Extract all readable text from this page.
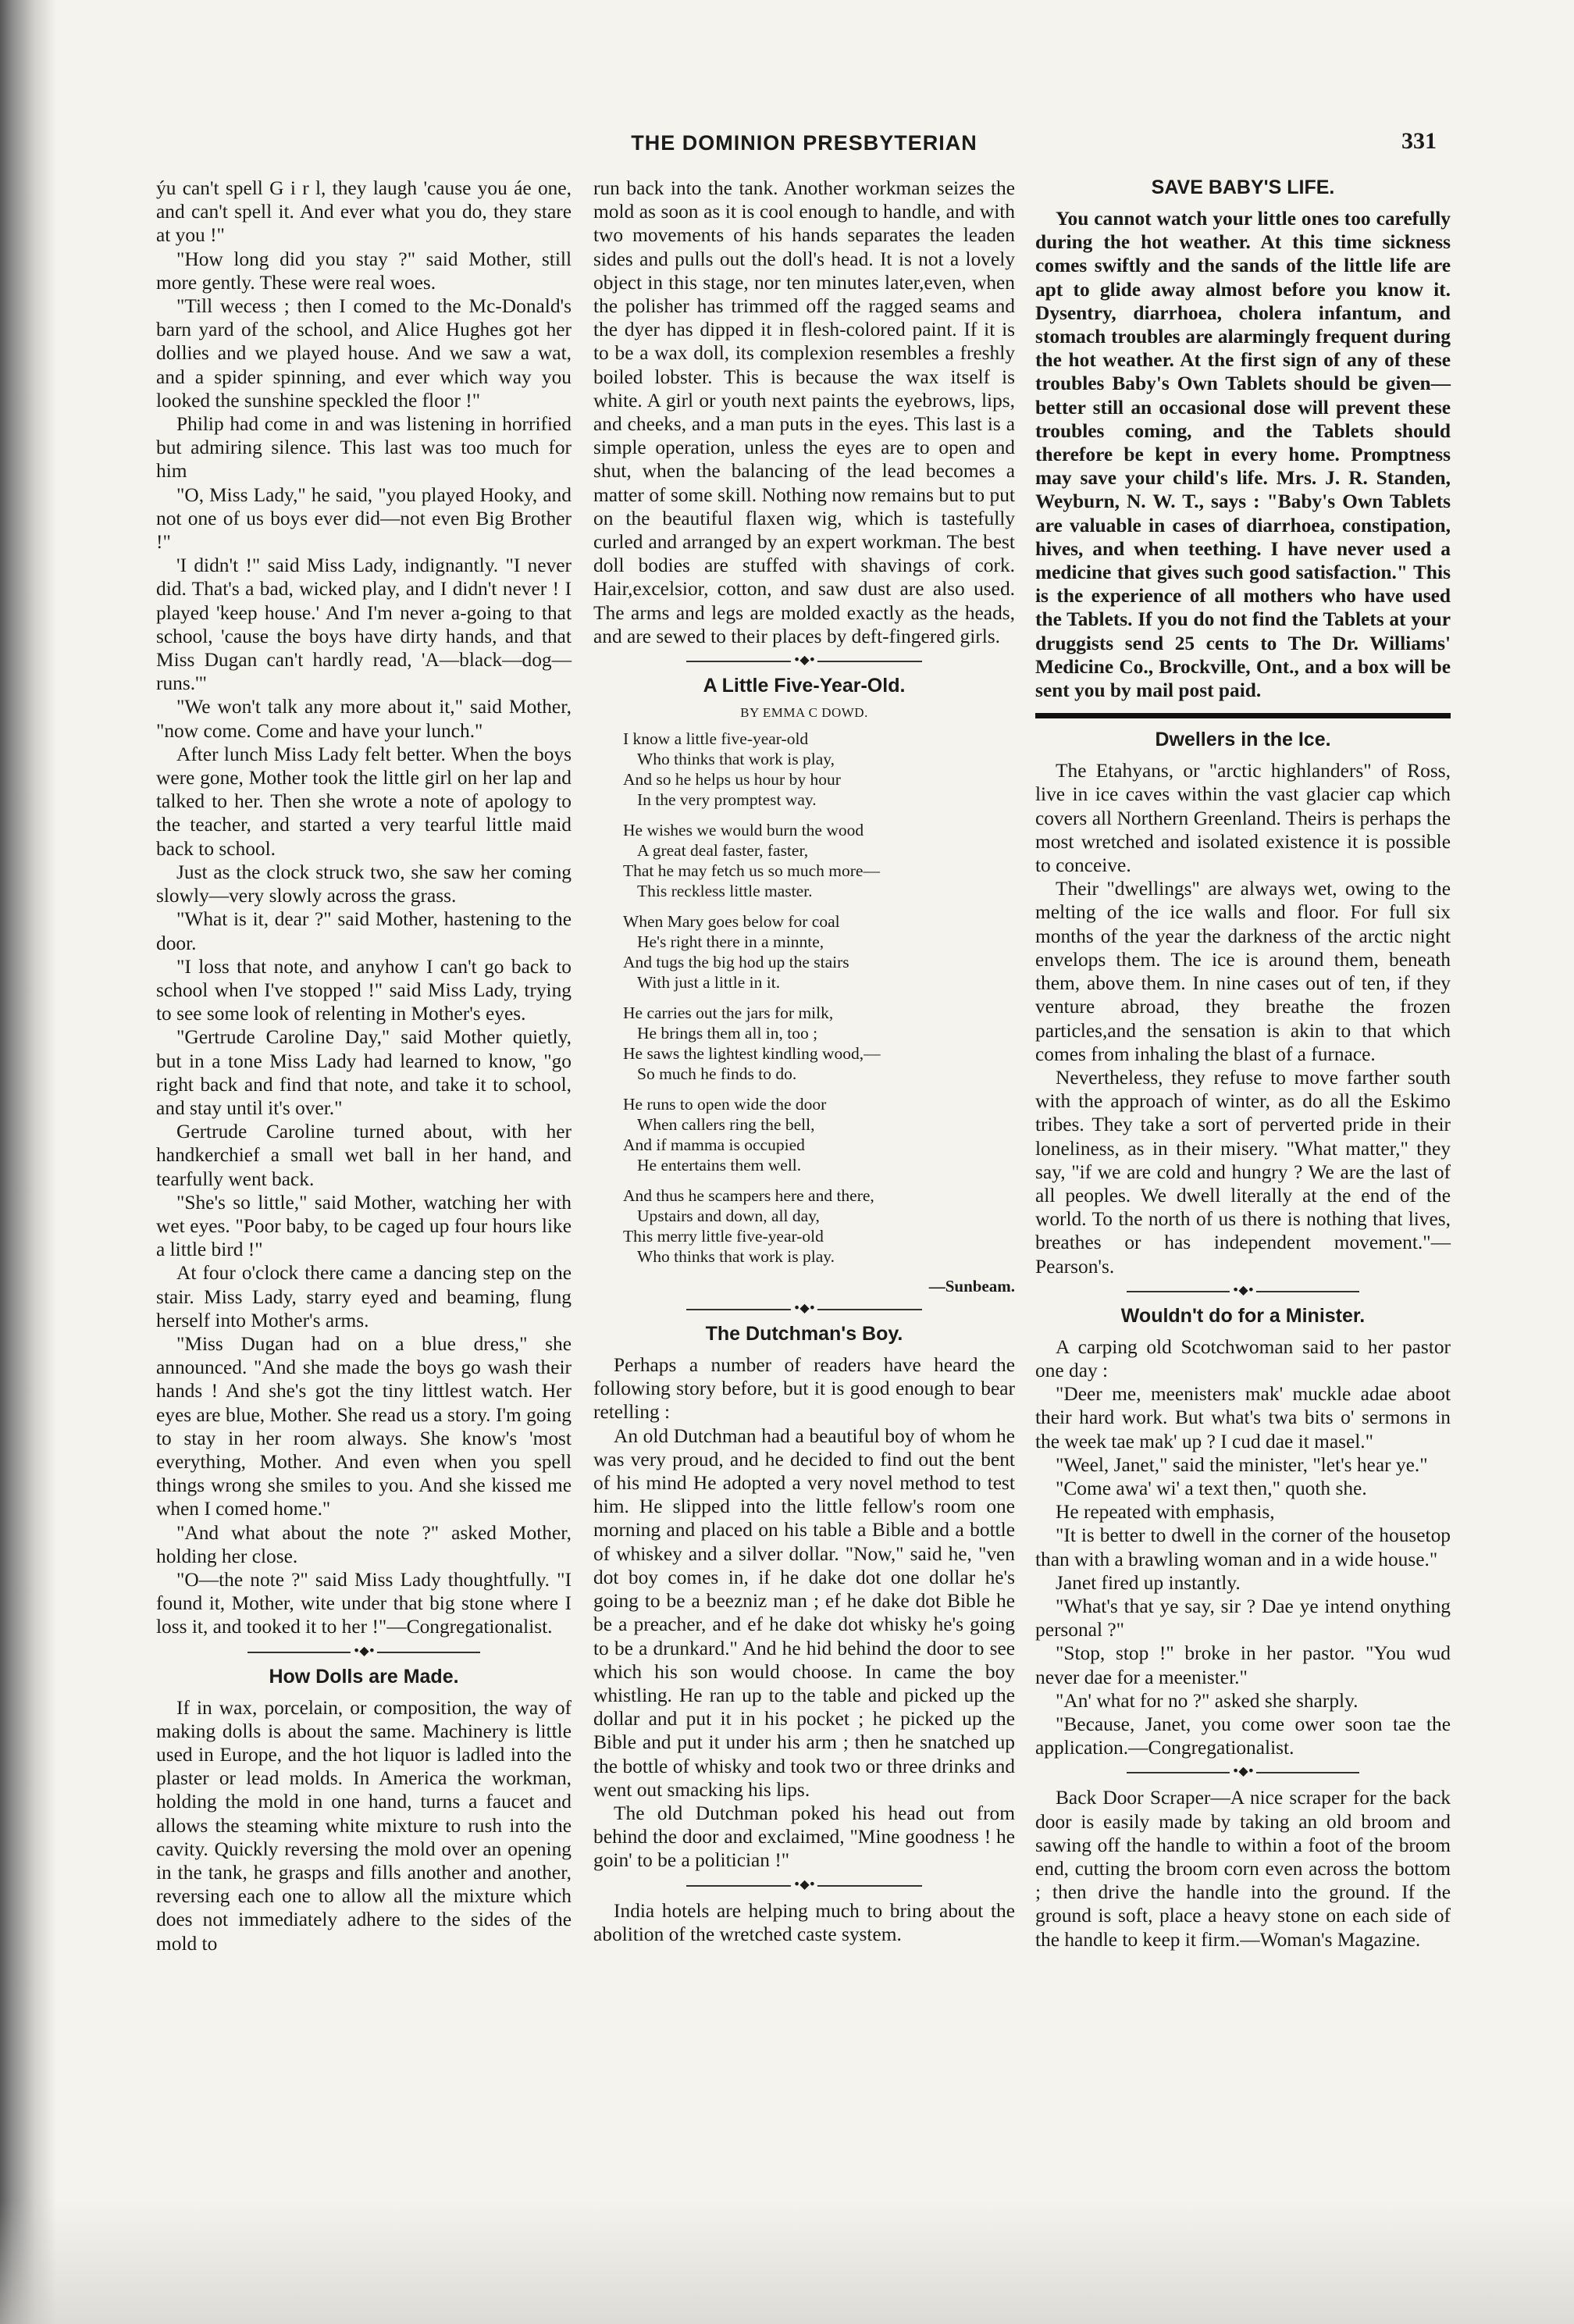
THE DOMINION PRESBYTERIAN	331

ýu can't spell G i r l, they laugh 'cause you áe one, and can't spell it. And ever what you do, they stare at you !"

"How long did you stay ?" said Mother, still more gently. These were real woes.

"Till wecess ; then I comed to the Mc-Donald's barn yard of the school, and Alice Hughes got her dollies and we played house. And we saw a wat, and a spider spinning, and ever which way you looked the sunshine speckled the floor !"

Philip had come in and was listening in horrified but admiring silence. This last was too much for him

"O, Miss Lady," he said, "you played Hooky, and not one of us boys ever did—not even Big Brother !"

'I didn't !" said Miss Lady, indignantly. "I never did. That's a bad, wicked play, and I didn't never ! I played 'keep house.' And I'm never a-going to that school, 'cause the boys have dirty hands, and that Miss Dugan can't hardly read, 'A—black—dog—runs.'"

"We won't talk any more about it," said Mother, "now come. Come and have your lunch."

After lunch Miss Lady felt better. When the boys were gone, Mother took the little girl on her lap and talked to her. Then she wrote a note of apology to the teacher, and started a very tearful little maid back to school.

Just as the clock struck two, she saw her coming slowly—very slowly across the grass.

"What is it, dear ?" said Mother, hastening to the door.

"I loss that note, and anyhow I can't go back to school when I've stopped !" said Miss Lady, trying to see some look of relenting in Mother's eyes.

"Gertrude Caroline Day," said Mother quietly, but in a tone Miss Lady had learned to know, "go right back and find that note, and take it to school, and stay until it's over."

Gertrude Caroline turned about, with her handkerchief a small wet ball in her hand, and tearfully went back.

"She's so little," said Mother, watching her with wet eyes. "Poor baby, to be caged up four hours like a little bird !"

At four o'clock there came a dancing step on the stair. Miss Lady, starry eyed and beaming, flung herself into Mother's arms.

"Miss Dugan had on a blue dress," she announced. "And she made the boys go wash their hands ! And she's got the tiny littlest watch. Her eyes are blue, Mother. She read us a story. I'm going to stay in her room always. She know's 'most everything, Mother. And even when you spell things wrong she smiles to you. And she kissed me when I comed home."

"And what about the note ?" asked Mother, holding her close.

"O—the note ?" said Miss Lady thoughtfully. "I found it, Mother, wite under that big stone where I loss it, and tooked it to her !"—Congregationalist.

•◆•
How Dolls are Made.

If in wax, porcelain, or composition, the way of making dolls is about the same. Machinery is little used in Europe, and the hot liquor is ladled into the plaster or lead molds. In America the workman, holding the mold in one hand, turns a faucet and allows the steaming white mixture to rush into the cavity. Quickly reversing the mold over an opening in the tank, he grasps and fills another and another, reversing each one to allow all the mixture which does not immediately adhere to the sides of the mold to

run back into the tank. Another workman seizes the mold as soon as it is cool enough to handle, and with two movements of his hands separates the leaden sides and pulls out the doll's head. It is not a lovely object in this stage, nor ten minutes later,even, when the polisher has trimmed off the ragged seams and the dyer has dipped it in flesh-colored paint. If it is to be a wax doll, its complexion resembles a freshly boiled lobster. This is because the wax itself is white. A girl or youth next paints the eyebrows, lips, and cheeks, and a man puts in the eyes. This last is a simple operation, unless the eyes are to open and shut, when the balancing of the lead becomes a matter of some skill. Nothing now remains but to put on the beautiful flaxen wig, which is tastefully curled and arranged by an expert workman. The best doll bodies are stuffed with shavings of cork. Hair,excelsior, cotton, and saw dust are also used. The arms and legs are molded exactly as the heads, and are sewed to their places by deft-fingered girls.

•◆•
A Little Five-Year-Old.
BY EMMA C DOWD.
I know a little five-year-old
Who thinks that work is play,
And so he helps us hour by hour
In the very promptest way.
He wishes we would burn the wood
A great deal faster, faster,
That he may fetch us so much more—
This reckless little master.
When Mary goes below for coal
He's right there in a minnte,
And tugs the big hod up the stairs
With just a little in it.
He carries out the jars for milk,
He brings them all in, too ;
He saws the lightest kindling wood,—
So much he finds to do.
He runs to open wide the door
When callers ring the bell,
And if mamma is occupied
He entertains them well.
And thus he scampers here and there,
Upstairs and down, all day,
This merry little five-year-old
Who thinks that work is play.
—Sunbeam.
•◆•
The Dutchman's Boy.

Perhaps a number of readers have heard the following story before, but it is good enough to bear retelling :

An old Dutchman had a beautiful boy of whom he was very proud, and he decided to find out the bent of his mind He adopted a very novel method to test him. He slipped into the little fellow's room one morning and placed on his table a Bible and a bottle of whiskey and a silver dollar. "Now," said he, "ven dot boy comes in, if he dake dot one dollar he's going to be a beezniz man ; ef he dake dot Bible he be a preacher, and ef he dake dot whisky he's going to be a drunkard." And he hid behind the door to see which his son would choose. In came the boy whistling. He ran up to the table and picked up the dollar and put it in his pocket ; he picked up the Bible and put it under his arm ; then he snatched up the bottle of whisky and took two or three drinks and went out smacking his lips.

The old Dutchman poked his head out from behind the door and exclaimed, "Mine goodness ! he goin' to be a politician !"

•◆•

India hotels are helping much to bring about the abolition of the wretched caste system.

SAVE BABY'S LIFE.

You cannot watch your little ones too carefully during the hot weather. At this time sickness comes swiftly and the sands of the little life are apt to glide away almost before you know it. Dysentry, diarrhoea, cholera infantum, and stomach troubles are alarmingly frequent during the hot weather. At the first sign of any of these troubles Baby's Own Tablets should be given—better still an occasional dose will prevent these troubles coming, and the Tablets should therefore be kept in every home. Promptness may save your child's life. Mrs. J. R. Standen, Weyburn, N. W. T., says : "Baby's Own Tablets are valuable in cases of diarrhoea, constipation, hives, and when teething. I have never used a medicine that gives such good satisfaction." This is the experience of all mothers who have used the Tablets. If you do not find the Tablets at your druggists send 25 cents to The Dr. Williams' Medicine Co., Brockville, Ont., and a box will be sent you by mail post paid.

Dwellers in the Ice.

The Etahyans, or "arctic highlanders" of Ross, live in ice caves within the vast glacier cap which covers all Northern Greenland. Theirs is perhaps the most wretched and isolated existence it is possible to conceive.

Their "dwellings" are always wet, owing to the melting of the ice walls and floor. For full six months of the year the darkness of the arctic night envelops them. The ice is around them, beneath them, above them. In nine cases out of ten, if they venture abroad, they breathe the frozen particles,and the sensation is akin to that which comes from inhaling the blast of a furnace.

Nevertheless, they refuse to move farther south with the approach of winter, as do all the Eskimo tribes. They take a sort of perverted pride in their loneliness, as in their misery. "What matter," they say, "if we are cold and hungry ? We are the last of all peoples. We dwell literally at the end of the world. To the north of us there is nothing that lives, breathes or has independent movement."—Pearson's.

•◆•
Wouldn't do for a Minister.

A carping old Scotchwoman said to her pastor one day :

"Deer me, meenisters mak' muckle adae aboot their hard work. But what's twa bits o' sermons in the week tae mak' up ? I cud dae it masel."

"Weel, Janet," said the minister, "let's hear ye."

"Come awa' wi' a text then," quoth she.

He repeated with emphasis,

"It is better to dwell in the corner of the housetop than with a brawling woman and in a wide house."

Janet fired up instantly.

"What's that ye say, sir ? Dae ye intend onything personal ?"

"Stop, stop !" broke in her pastor. "You wud never dae for a meenister."

"An' what for no ?" asked she sharply.

"Because, Janet, you come ower soon tae the application.—Congregationalist.

•◆•

Back Door Scraper—A nice scraper for the back door is easily made by taking an old broom and sawing off the handle to within a foot of the broom end, cutting the broom corn even across the bottom ; then drive the handle into the ground. If the ground is soft, place a heavy stone on each side of the handle to keep it firm.—Woman's Magazine.
